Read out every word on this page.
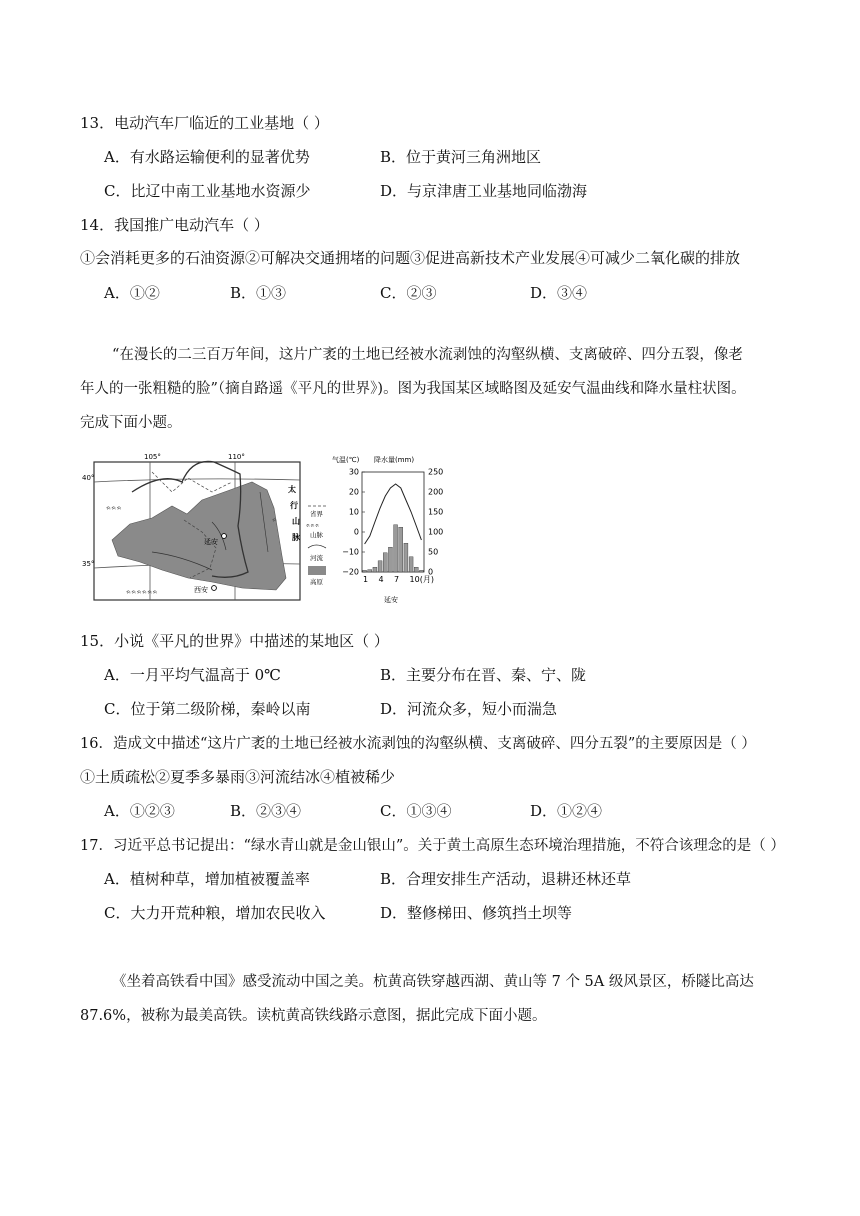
13．电动汽车厂临近的工业基地（ ）
A．有水路运输便利的显著优势	B．位于黄河三角洲地区
C．比辽中南工业基地水资源少	D．与京津唐工业基地同临渤海
14．我国推广电动汽车（ ）
①会消耗更多的石油资源②可解决交通拥堵的问题③促进高新技术产业发展④可减少二氧化碳的排放
A．①②	B．①③	C．②③	D．③④
“在漫长的二三百万年间，这片广袤的土地已经被水流剥蚀的沟壑纵横、支离破碎、四分五裂，像老
年人的一张粗糙的脸”（摘自路遥《平凡的世界》)。图为我国某区域略图及延安气温曲线和降水量柱状图。
完成下面小题。
ᨑᨑᨑ
ᨑ
ᨑᨑᨑᨑᨑᨑ
105°	110°
40°
35°
延安
西安
太
行
山
脉
省界
ᨑᨑᨑ
山脉
河流
高原
气温(℃) 降水量(mm)
30
20
10
0
−10
−20
250
200
150
100
50
0
1 4 7 10(月)
延安
15．小说《平凡的世界》中描述的某地区（ ）
A．一月平均气温高于 0℃	B．主要分布在晋、秦、宁、陇
C．位于第二级阶梯，秦岭以南	D．河流众多，短小而湍急
16．造成文中描述“这片广袤的土地已经被水流剥蚀的沟壑纵横、支离破碎、四分五裂”的主要原因是（ ）
①土质疏松②夏季多暴雨③河流结冰④植被稀少
A．①②③	B．②③④	C．①③④	D．①②④
17．习近平总书记提出：“绿水青山就是金山银山”。关于黄土高原生态环境治理措施，不符合该理念的是（ ）
A．植树种草，增加植被覆盖率	B．合理安排生产活动，退耕还林还草
C．大力开荒种粮，增加农民收入	D．整修梯田、修筑挡土坝等
《坐着高铁看中国》感受流动中国之美。杭黄高铁穿越西湖、黄山等 7 个 5A 级风景区，桥隧比高达
87.6%，被称为最美高铁。读杭黄高铁线路示意图，据此完成下面小题。
